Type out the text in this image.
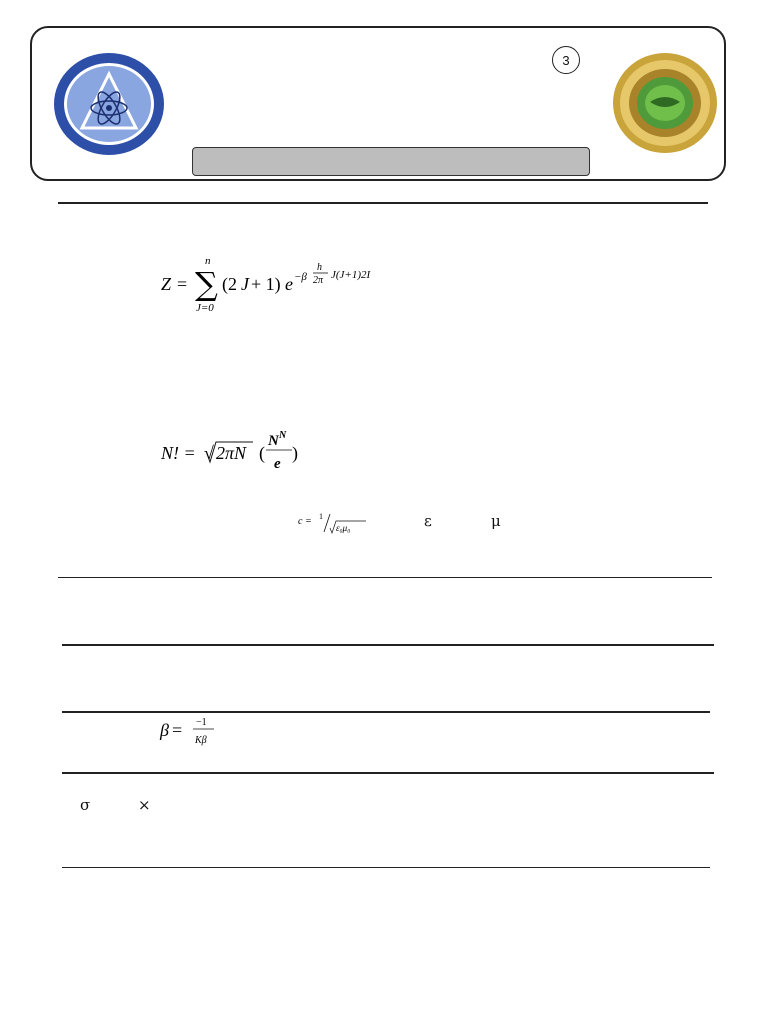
3
Z = ∑
n
J=0
(2 J + 1) e −β
h
2π J(J+1)2I
N! = √ 2πN (
N N
e
)
c = 1
ε₀μ₀	ε	μ
β = −1
Kβ
σ	×
